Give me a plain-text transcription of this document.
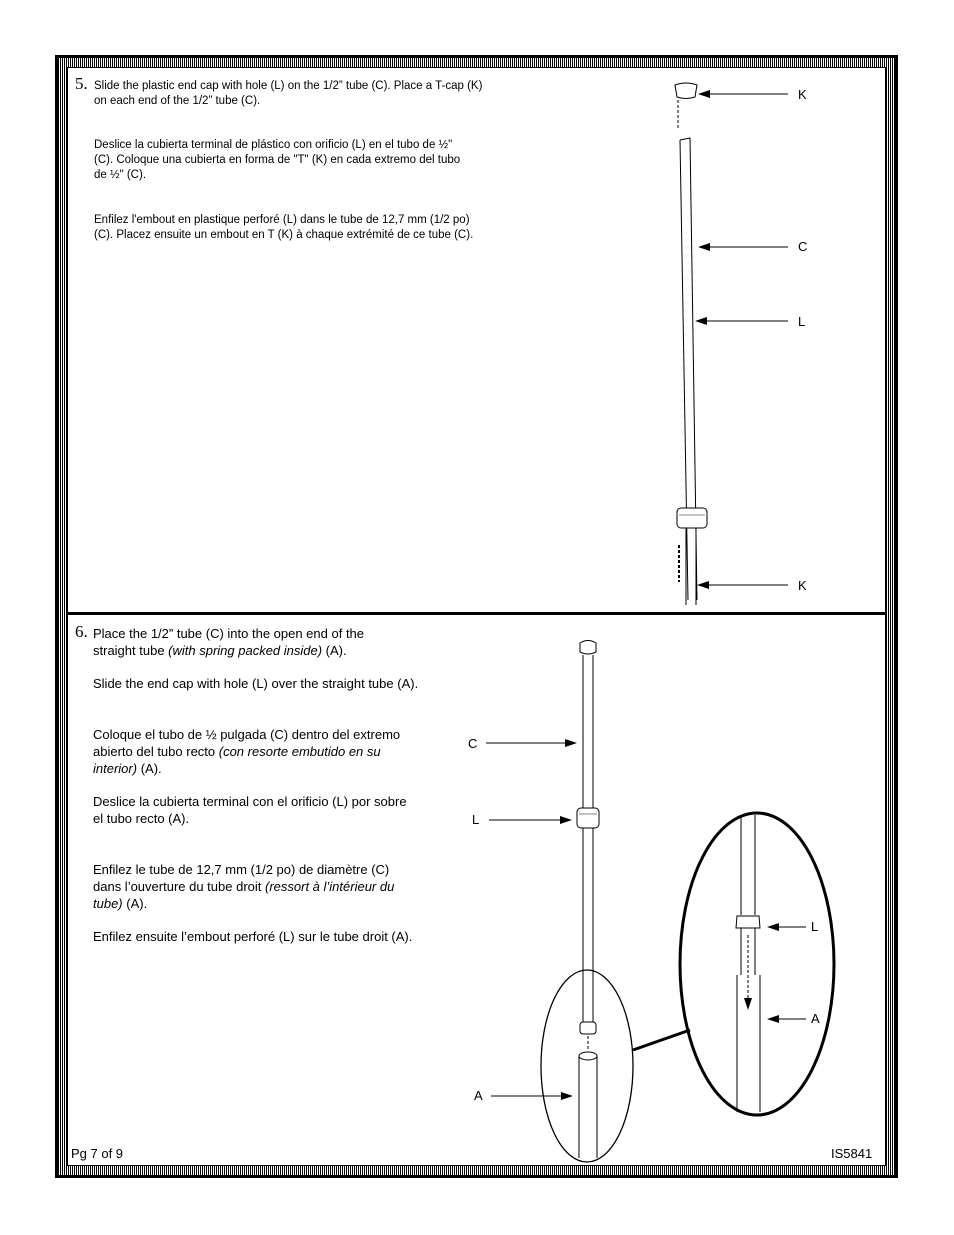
5. Slide the plastic end cap with hole (L) on the 1/2” tube (C). Place a T-cap (K)
on each end of the 1/2” tube (C).
Deslice la cubierta terminal de plástico con orificio (L) en el tubo de ½"
(C). Coloque una cubierta en forma de "T" (K) en cada extremo del tubo
de ½" (C).
Enfilez l'embout en plastique perforé (L) dans le tube de 12,7 mm (1/2 po)
(C). Placez ensuite un embout en T (K) à chaque extrémité de ce tube (C).
K
C
L
K
6. Place the 1/2” tube (C) into the open end of the
straight tube (with spring packed inside) (A).
Slide the end cap with hole (L) over the straight tube (A).
Coloque el tubo de ½ pulgada (C) dentro del extremo
abierto del tubo recto (con resorte embutido en su
interior) (A).
Deslice la cubierta terminal con el orificio (L) por sobre
el tubo recto (A).
Enfilez le tube de 12,7 mm (1/2 po) de diamètre (C)
dans l’ouverture du tube droit (ressort à l’intérieur du
tube) (A).
Enfilez ensuite l’embout perforé (L) sur le tube droit (A).
C
L
A
L
A
Pg 7 of 9	IS5841
